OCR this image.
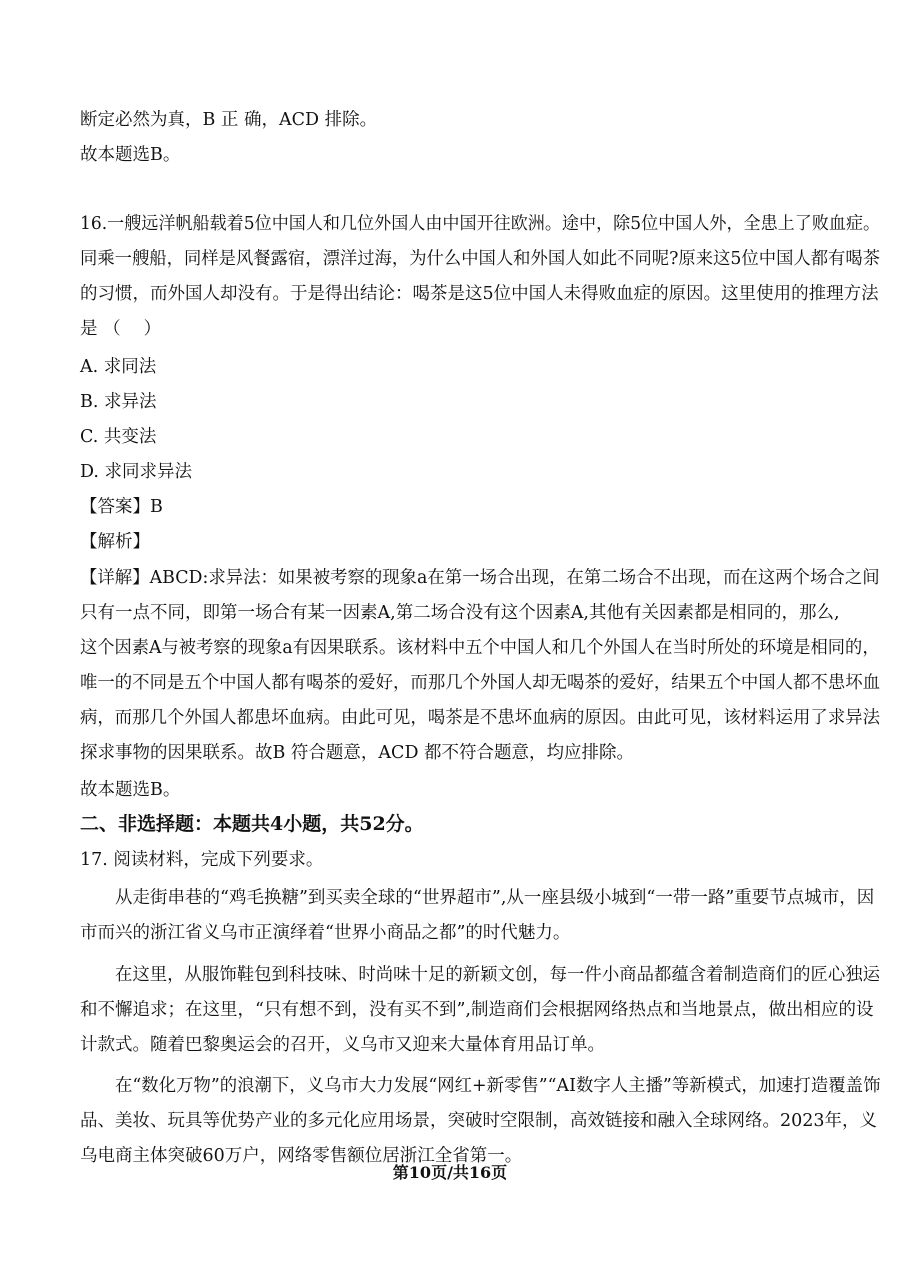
断定必然为真，B 正 确，ACD 排除。

故本题选B。

16. 一 艘 远 洋 帆 船 载 着 5 位 中 国 人 和 几 位 外 国 人 由 中 国 开 往 欧 洲 。 途 中 ， 除 5 位 中 国 人 外 ， 全 患 上 了 败 血 症 。

同 乘 一 艘 船 ， 同 样 是 风 餐 露 宿 ， 漂 洋 过 海 ， 为 什 么 中 国 人 和 外 国 人 如 此 不 同 呢 ? 原 来 这 5 位 中 国 人 都 有 喝 茶

的 习 惯 ， 而 外 国 人 却 没 有 。 于 是 得 出 结 论 ： 喝 茶 是 这 5 位 中 国 人 未 得 败 血 症 的 原 因 。 这 里 使 用 的 推 理 方 法

是 （　 ）

A. 求同法

B. 求异法

C. 共变法

D. 求同求异法

【答案】B

【解析】

【 详 解 】 ABCD : 求 异 法 ： 如 果 被 考 察 的 现 象 a 在 第 一 场 合 出 现 ， 在 第 二 场 合 不 出 现 ， 而 在 这 两 个 场 合 之 间

只 有 一 点 不 同 ， 即 第 一 场 合 有 某 一 因 素 A , 第 二 场 合 没 有 这 个 因 素 A , 其 他 有 关 因 素 都 是 相 同 的 ， 那 么 ,

这 个 因 素 A 与 被 考 察 的 现 象 a 有 因 果 联 系 。 该 材 料 中 五 个 中 国 人 和 几 个 外 国 人 在 当 时 所 处 的 环 境 是 相 同 的 ，

唯 一 的 不 同 是 五 个 中 国 人 都 有 喝 茶 的 爱 好 ， 而 那 几 个 外 国 人 却 无 喝 茶 的 爱 好 ， 结 果 五 个 中 国 人 都 不 患 坏 血

病 ， 而 那 几 个 外 国 人 都 患 坏 血 病 。 由 此 可 见 ， 喝 茶 是 不 患 坏 血 病 的 原 因 。 由 此 可 见 ， 该 材 料 运 用 了 求 异 法

探求事物的因果联系。故B 符合题意，ACD 都不符合题意，均应排除。

故本题选B。

二、非选择题：本题共4小题，共52分。

17. 阅读材料，完成下列要求。

从 走 街 串 巷 的 “ 鸡 毛 换 糖 ” 到 买 卖 全 球 的 “ 世 界 超 市 ” , 从 一 座 县 级 小 城 到 “ 一 带 一 路 ” 重 要 节 点 城 市 ， 因

市而兴的浙江省义乌市正演绎着“世界小商品之都”的时代魅力。

在 这 里 ， 从 服 饰 鞋 包 到 科 技 味 、 时 尚 味 十 足 的 新 颖 文 创 ， 每 一 件 小 商 品 都 蕴 含 着 制 造 商 们 的 匠 心 独 运

和 不 懈 追 求 ； 在 这 里 ， “ 只 有 想 不 到 ， 没 有 买 不 到 ” , 制 造 商 们 会 根 据 网 络 热 点 和 当 地 景 点 ， 做 出 相 应 的 设

计款式。随着巴黎奥运会的召开，义乌市又迎来大量体育用品订单。

在 “ 数 化 万 物 ” 的 浪 潮 下 ， 义 乌 市 大 力 发 展 “ 网 红 + 新 零 售 ” “ AI 数 字 人 主 播 ” 等 新 模 式 ， 加 速 打 造 覆 盖 饰

品 、 美 妆 、 玩 具 等 优 势 产 业 的 多 元 化 应 用 场 景 ， 突 破 时 空 限 制 ， 高 效 链 接 和 融 入 全 球 网 络 。 2023 年 ， 义

乌电商主体突破60万户，网络零售额位居浙江全省第一。

第10页/共16页
